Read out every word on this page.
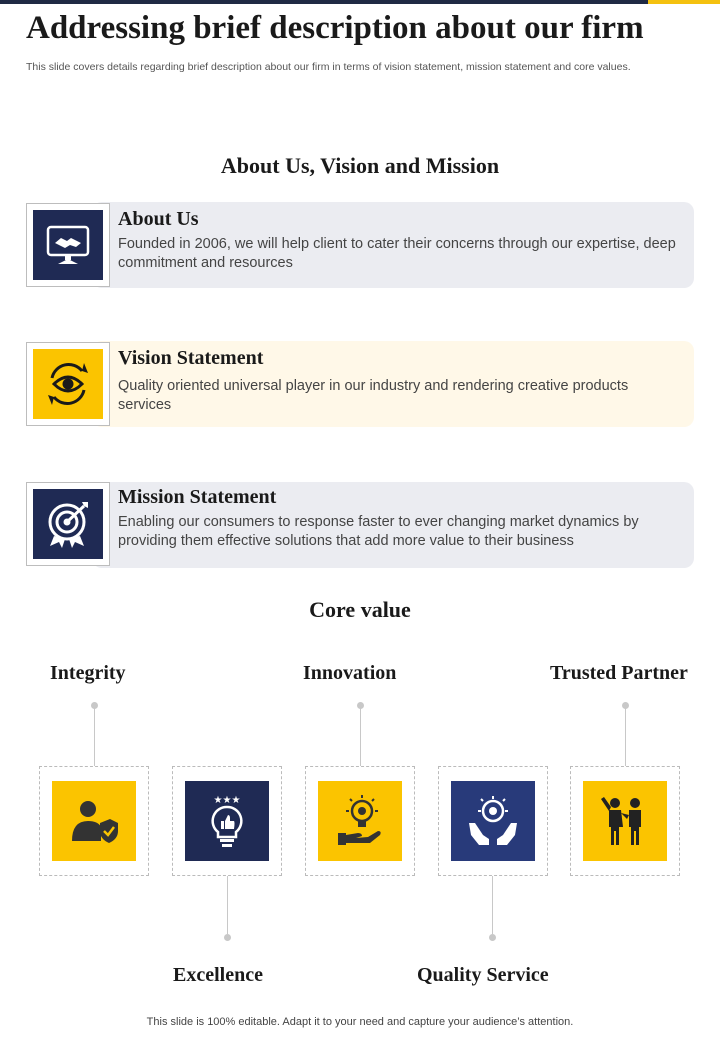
Addressing brief description about our firm
This slide covers details regarding brief description about our firm in terms of vision statement, mission statement and core values.
About Us, Vision and Mission
About Us
Founded in 2006, we will help client to cater their concerns through our expertise, deep commitment and resources
Vision Statement
Quality oriented universal player in our industry and rendering creative products services
Mission Statement
Enabling our consumers to response faster to ever changing market dynamics by providing them effective solutions that add more value to their business
Core value
Integrity	Innovation	Trusted Partner
Excellence	Quality Service
★★★
This slide is 100% editable. Adapt it to your need and capture your audience’s attention.
